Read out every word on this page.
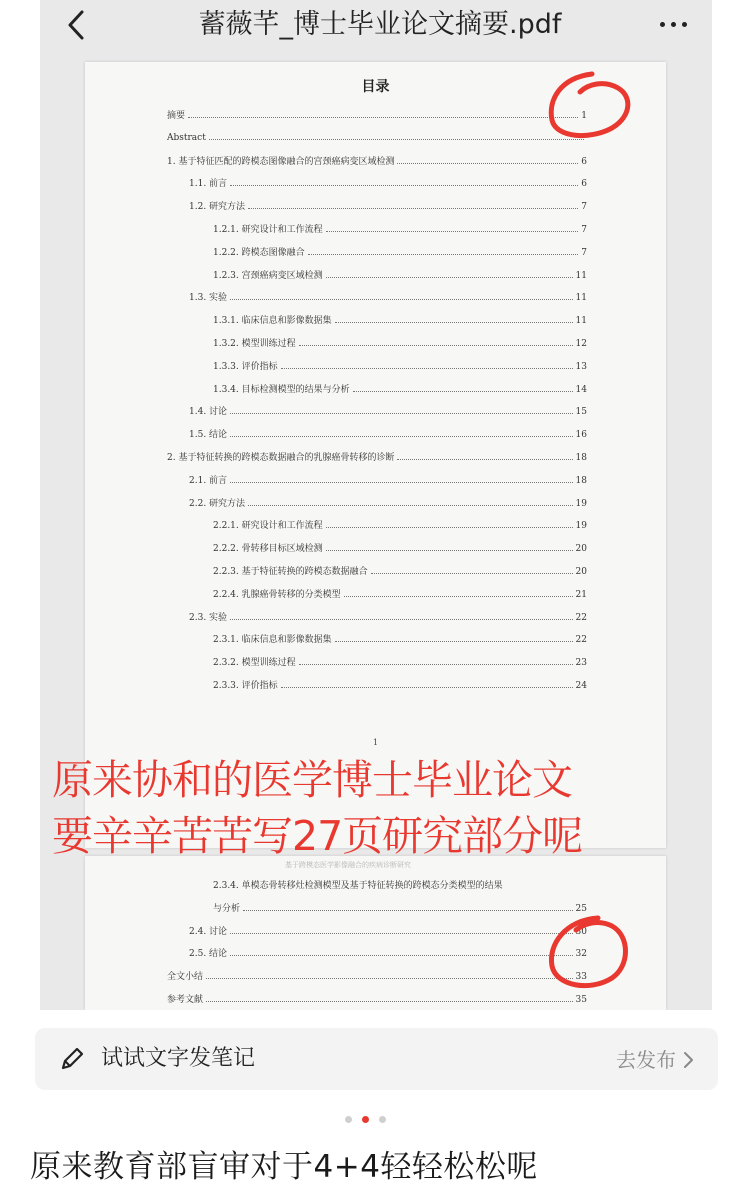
蓄薇芊_博士毕业论文摘要.pdf
目录
摘要	1
Abstract
1. 基于特征匹配的跨模态图像融合的宫颈癌病变区域检测	6
1.1. 前言	6
1.2. 研究方法	7
1.2.1. 研究设计和工作流程	7
1.2.2. 跨模态图像融合	7
1.2.3. 宫颈癌病变区域检测	11
1.3. 实验	11
1.3.1. 临床信息和影像数据集	11
1.3.2. 模型训练过程	12
1.3.3. 评价指标	13
1.3.4. 目标检测模型的结果与分析	14
1.4. 讨论	15
1.5. 结论	16
2. 基于特征转换的跨模态数据融合的乳腺癌骨转移的诊断	18
2.1. 前言	18
2.2. 研究方法	19
2.2.1. 研究设计和工作流程	19
2.2.2. 骨转移目标区域检测	20
2.2.3. 基于特征转换的跨模态数据融合	20
2.2.4. 乳腺癌骨转移的分类模型	21
2.3. 实验	22
2.3.1. 临床信息和影像数据集	22
2.3.2. 模型训练过程	23
2.3.3. 评价指标	24
1
基于跨模态医学影像融合的疾病诊断研究
2.3.4. 单模态骨转移灶检测模型及基于特征转换的跨模态分类模型的结果
与分析	25
2.4. 讨论	30
2.5. 结论	32
全文小结	33
参考文献	35
原来协和的医学博士毕业论文
要辛辛苦苦写27页研究部分呢
试试文字发笔记	去发布
原来教育部盲审对于4+4轻轻松松呢
